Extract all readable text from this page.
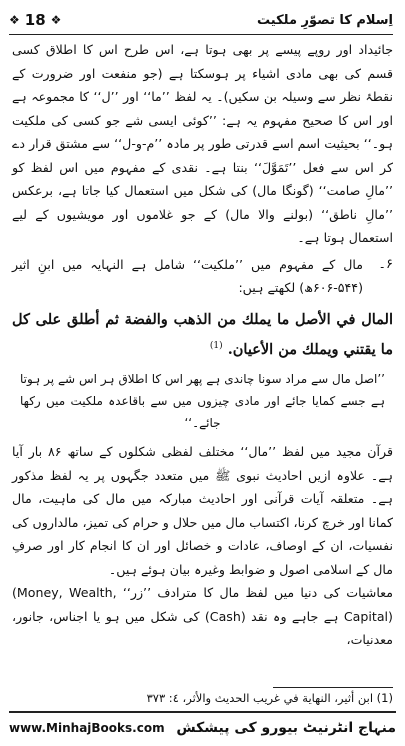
❖ 18 ❖	اِسلام کا تصوّرِ ملکیت

جائیداد اور روپے پیسے پر بھی ہوتا ہے، اس طرح اس کا اطلاق کسی قسم کی بھی مادی اشیاء پر ہوسکتا ہے (جو منفعت اور ضرورت کے نقطۂ نظر سے وسیلہ بن سکیں)۔ یہ لفظ ’’ما‘‘ اور ’’ل‘‘ کا مجموعہ ہے اور اس کا صحیح مفہوم یہ ہے: ’’کوئی ایسی شے جو کسی کی ملکیت ہو۔‘‘ بحیثیت اسم اسے قدرتی طور پر مادہ ’’م-و-ل‘‘ سے مشتق قرار دے کر اس سے فعل ’’تَمَوَّلَ‘‘ بنتا ہے۔ نقدی کے مفہوم میں اس لفظ کو ’’مالِ صامت‘‘ (گونگا مال) کی شکل میں استعمال کیا جاتا ہے، برعکس ’’مالِ ناطق‘‘ (بولنے والا مال) کے جو غلاموں اور مویشیوں کے لیے استعمال ہوتا ہے۔

۶۔
مال کے مفہوم میں ’’ملکیت‘‘ شامل ہے النہایہ میں ابنِ اثیر (۵۴۴-۶۰۶ھ) لکھتے ہیں:

المال في الأصل ما يملك من الذهب والفضة ثم أطلق على كل ما يقتني ويملك من الأعيان. $^{(1)}$

’’اصل مال سے مراد سونا چاندی ہے پھر اس کا اطلاق ہر اس شے پر ہوتا ہے جسے کمایا جائے اور مادی چیزوں میں سے باقاعدہ ملکیت میں رکھا جائے۔‘‘

قرآن مجید میں لفظ ’’مال‘‘ مختلف لفظی شکلوں کے ساتھ ۸۶ بار آیا ہے۔ علاوہ ازیں احادیث نبوی ﷺ میں متعدد جگہوں پر یہ لفظ مذکور ہے۔ متعلقہ آیات قرآنی اور احادیث مبارکہ میں مال کی ماہیت، مال کمانا اور خرچ کرنا، اکتساب مال میں حلال و حرام کی تمیز، مالداروں کی نفسیات، ان کے اوصاف، عادات و خصائل اور ان کا انجام کار اور صرفِ مال کے اسلامی اصول و ضوابط وغیرہ بیان ہوئے ہیں۔

معاشیات کی دنیا میں لفظ مال کا مترادف ’’زر‘‘ (Money, Wealth, Capital) ہے جاہے وہ نقد (Cash) کی شکل میں ہو یا اجناس، جانور، معدنیات،

(1) ابن أثير، النهاية في غريب الحديث والأثر، ٤: ٣٧٣
www.MinhajBooks.com منہاج انٹرنیٹ بیورو کی پیشکش
